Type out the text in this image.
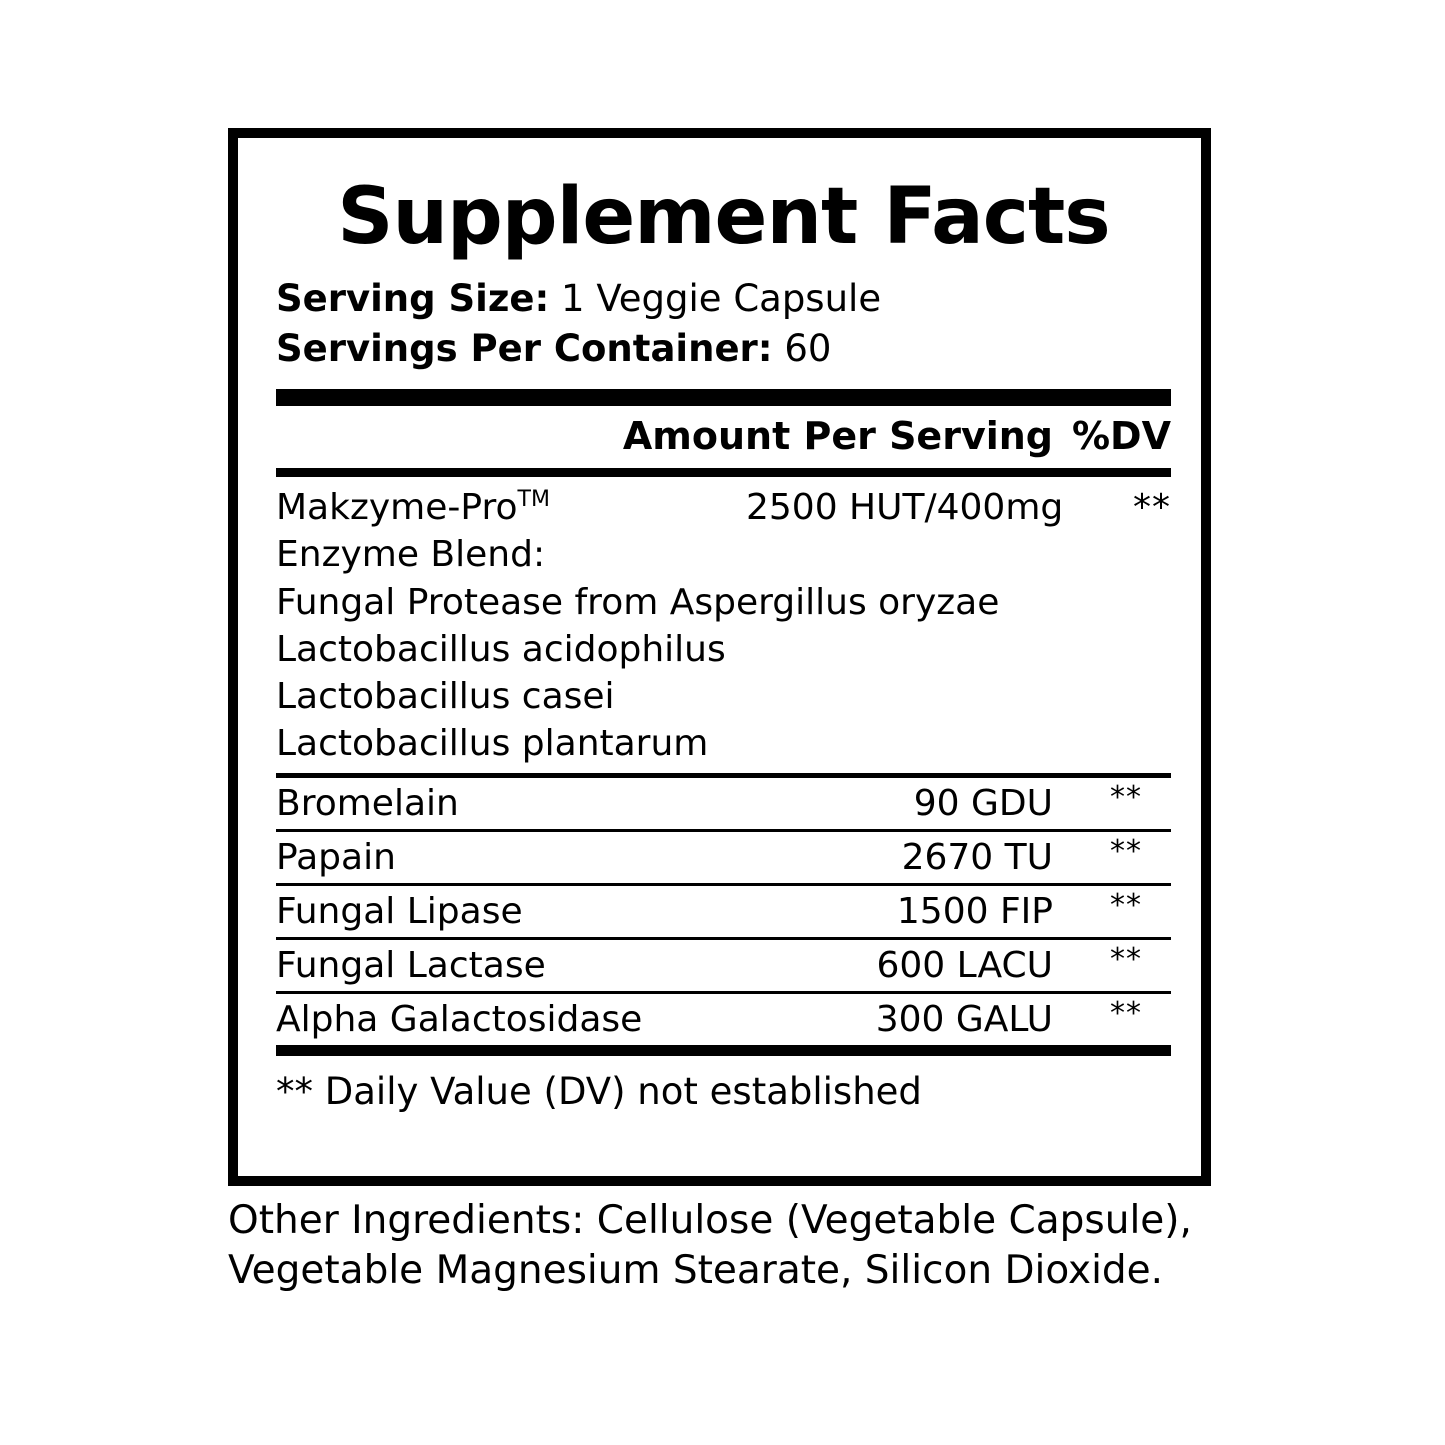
Supplement Facts
Serving Size: 1 Veggie Capsule
Servings Per Container: 60
Amount Per Serving %DV
Makzyme-Pro™	2500 HUT/400mg **
Enzyme Blend:
Fungal Protease from Aspergillus oryzae
Lactobacillus acidophilus
Lactobacillus casei
Lactobacillus plantarum
Bromelain	90 GDU	**
Papain	2670 TU	**
Fungal Lipase	1500 FIP	**
Fungal Lactase	600 LACU	**
Alpha Galactosidase	300 GALU	**
** Daily Value (DV) not established
Other Ingredients: Cellulose (Vegetable Capsule), Vegetable Magnesium Stearate, Silicon Dioxide.
